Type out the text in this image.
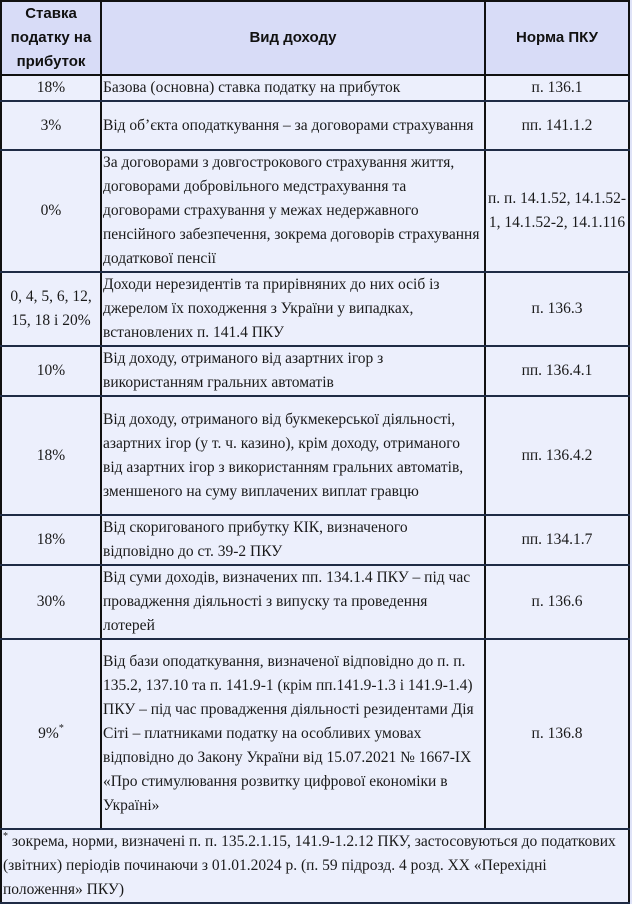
Ставка податку на прибуток	Вид доходу	Норма ПКУ
18%	Базова (основна) ставка податку на прибуток	п. 136.1
3%	Від об’єкта оподаткування – за договорами страхування	пп. 141.1.2
0%	За договорами з довгострокового страхування життя, договорами добровільного медстрахування та договорами страхування у межах недержавного пенсійного забезпечення, зокрема договорів страхування додаткової пенсії	п. п. 14.1.52, 14.1.52-1, 14.1.52-2, 14.1.116
0, 4, 5, 6, 12, 15, 18 і 20%	Доходи нерезидентів та прирівняних до них осіб із джерелом їх походження з України у випадках, встановлених п. 141.4 ПКУ	п. 136.3
10%	Від доходу, отриманого від азартних ігор з використанням гральних автоматів	пп. 136.4.1
18%	Від доходу, отриманого від букмекерської діяльності, азартних ігор (у т. ч. казино), крім доходу, отриманого від азартних ігор з використанням гральних автоматів, зменшеного на суму виплачених виплат гравцю	пп. 136.4.2
18%	Від скоригованого прибутку КІК, визначеного відповідно до ст. 39-2 ПКУ	пп. 134.1.7
30%	Від суми доходів, визначених пп. 134.1.4 ПКУ – під час провадження діяльності з випуску та проведення лотерей	п. 136.6
9%*	Від бази оподаткування, визначеної відповідно до п. п. 135.2, 137.10 та п. 141.9-1 (крім пп.141.9-1.3 і 141.9-1.4) ПКУ – під час провадження діяльності резидентами Дія Сіті – платниками податку на особливих умовах відповідно до Закону України від 15.07.2021 № 1667-IX «Про стимулювання розвитку цифрової економіки в Україні»	п. 136.8
* зокрема, норми, визначені п. п. 135.2.1.15, 141.9-1.2.12 ПКУ, застосовуються до податкових (звітних) періодів починаючи з 01.01.2024 р. (п. 59 підрозд. 4 розд. ХХ «Перехідні положення» ПКУ)		
